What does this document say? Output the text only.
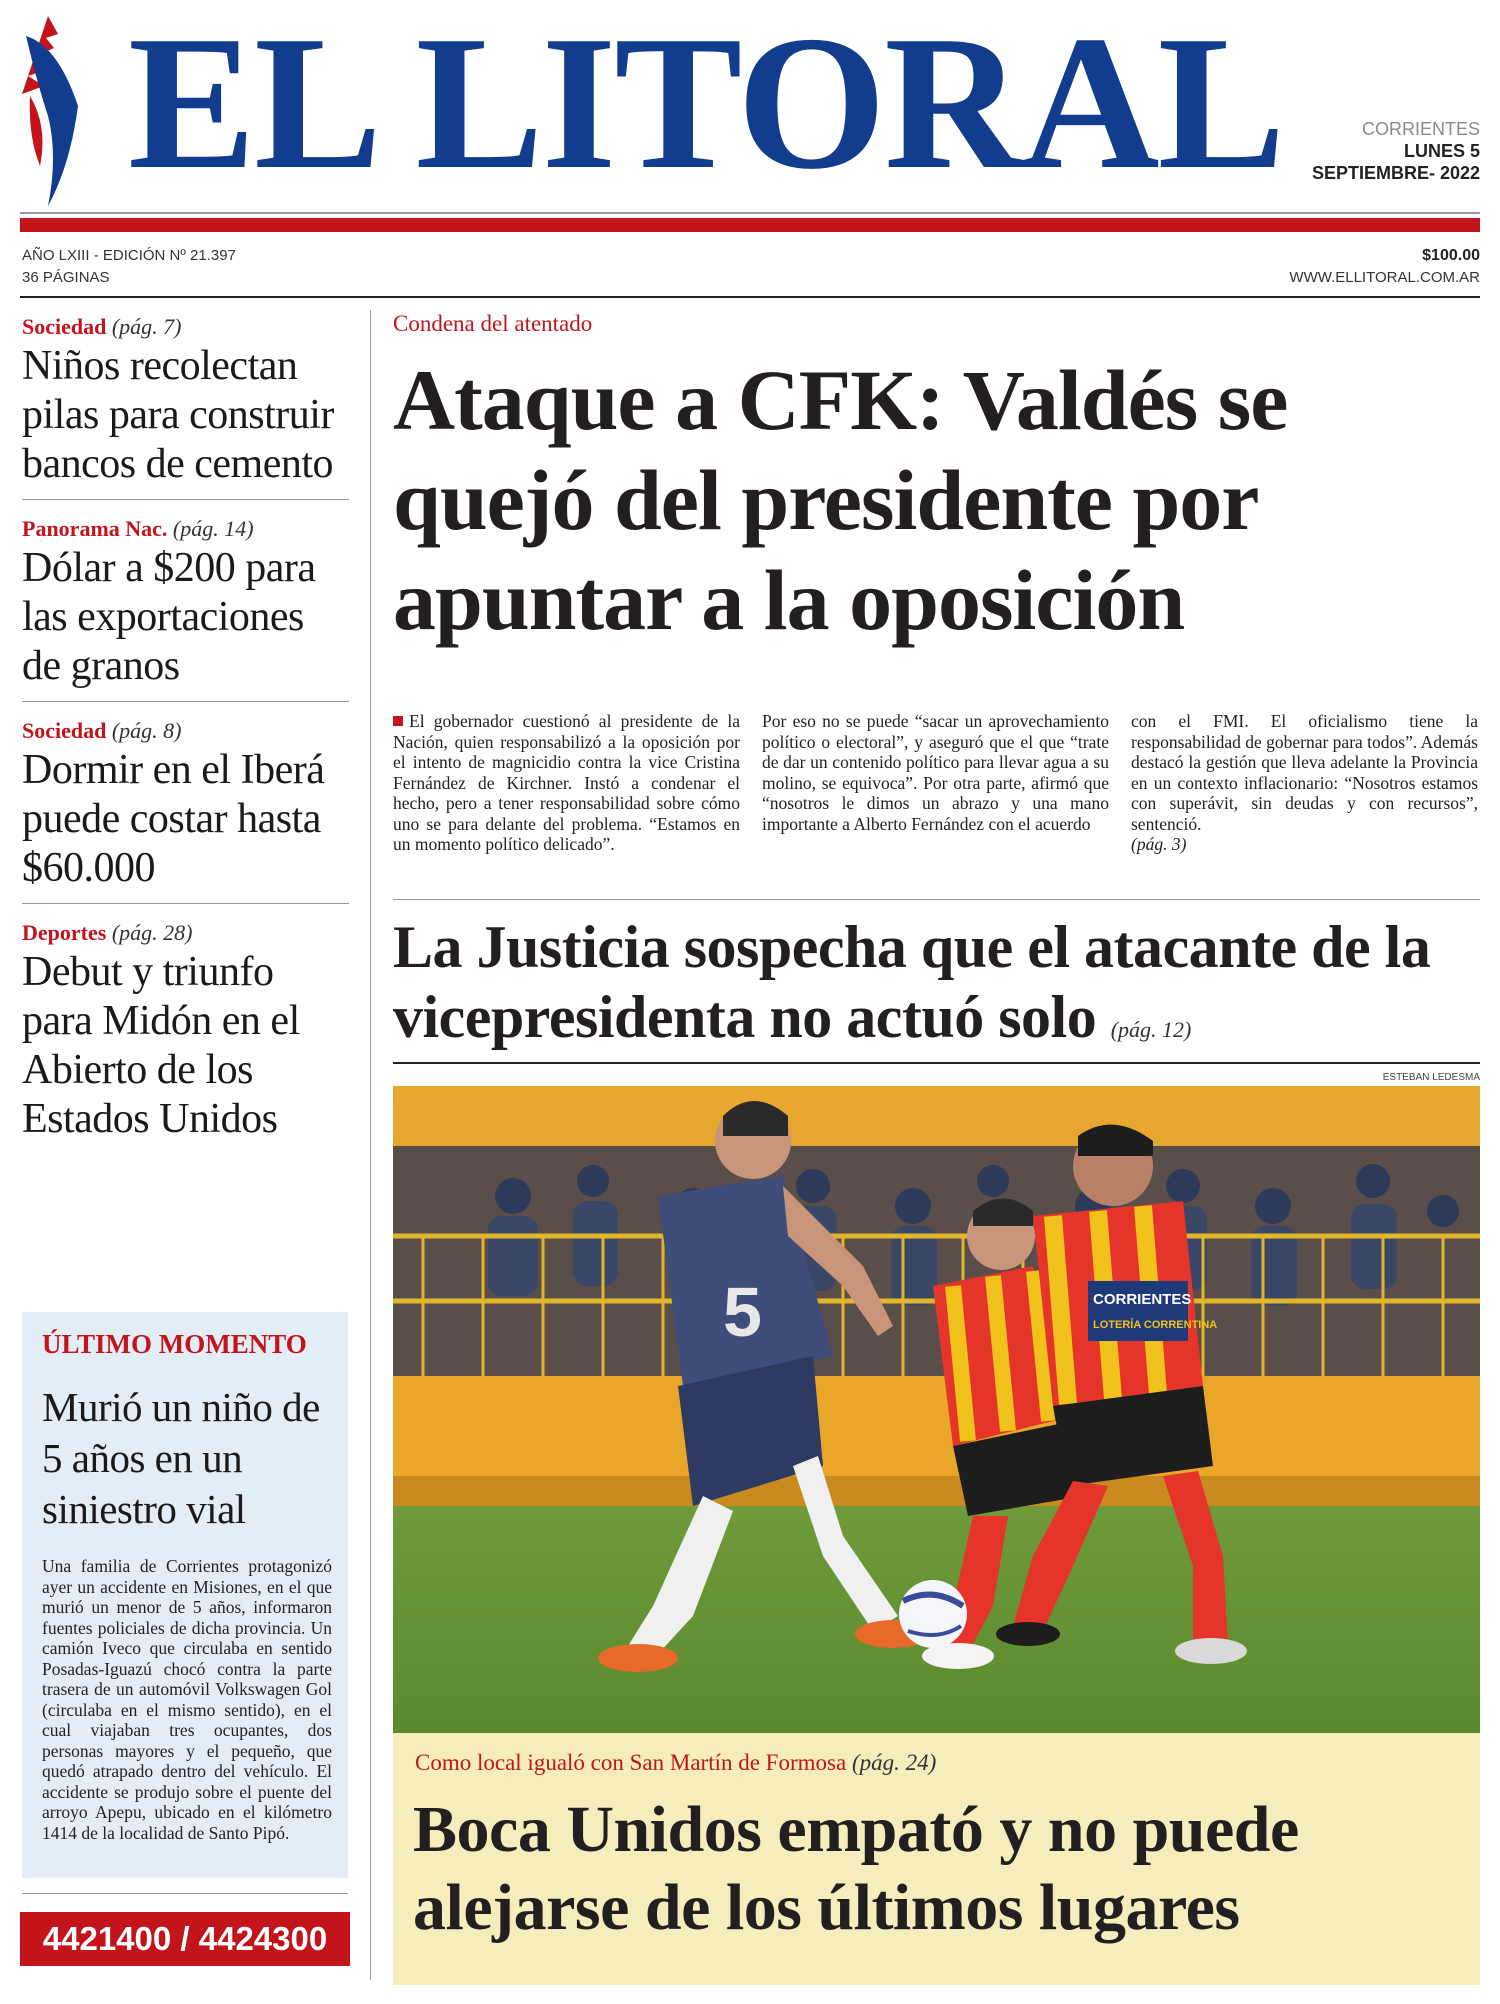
EL LITORAL	CORRIENTES
LUNES 5
SEPTIEMBRE- 2022
AÑO LXIII - EDICIÓN Nº 21.397
36 PÁGINAS
$100.00
WWW.ELLITORAL.COM.AR
Sociedad (pág. 7)
Niños recolectan pilas para construir bancos de cemento
Panorama Nac. (pág. 14)
Dólar a $200 para las exportaciones de granos
Sociedad (pág. 8)
Dormir en el Iberá puede costar hasta $60.000
Deportes (pág. 28)
Debut y triunfo para Midón en el Abierto de los Estados Unidos
ÚLTIMO MOMENTO
Murió un niño de 5 años en un siniestro vial
Una familia de Corrientes protagonizó ayer un accidente en Misiones, en el que murió un menor de 5 años, informaron fuentes policiales de dicha provincia. Un camión Iveco que circulaba en sentido Posadas-Iguazú chocó contra la parte trasera de un automóvil Volkswagen Gol (circulaba en el mismo sentido), en el cual viajaban tres ocupantes, dos personas mayores y el pequeño, que quedó atrapado dentro del vehículo. El accidente se produjo sobre el puente del arroyo Apepu, ubicado en el kilómetro 1414 de la localidad de Santo Pipó.
4421400 / 4424300
Condena del atentado
Ataque a CFK: Valdés se quejó del presidente por apuntar a la oposición
El gobernador cuestionó al presidente de la Nación, quien responsabilizó a la oposición por el intento de magnicidio contra la vice Cristina Fernández de Kirchner. Instó a condenar el hecho, pero a tener responsabilidad sobre cómo uno se para delante del problema. “Estamos en un momento político delicado”.
Por eso no se puede “sacar un aprovechamiento político o electoral”, y aseguró que el que “trate de dar un contenido político para llevar agua a su molino, se equivoca”. Por otra parte, afirmó que “nosotros le dimos un abrazo y una mano importante a Alberto Fernández con el acuerdo
con el FMI. El oficialismo tiene la responsabilidad de gobernar para todos”. Además destacó la gestión que lleva adelante la Provincia en un contexto inflacionario: “Nosotros estamos con superávit, sin deudas y con recursos”, sentenció.
(pág. 3)
La Justicia sospecha que el atacante de la vicepresidenta no actuó solo (pág. 12)
ESTEBAN LEDESMA
CORRIENTES
LOTERÍA CORRENTINA
5
Como local igualó con San Martín de Formosa (pág. 24)
Boca Unidos empató y no puede alejarse de los últimos lugares
